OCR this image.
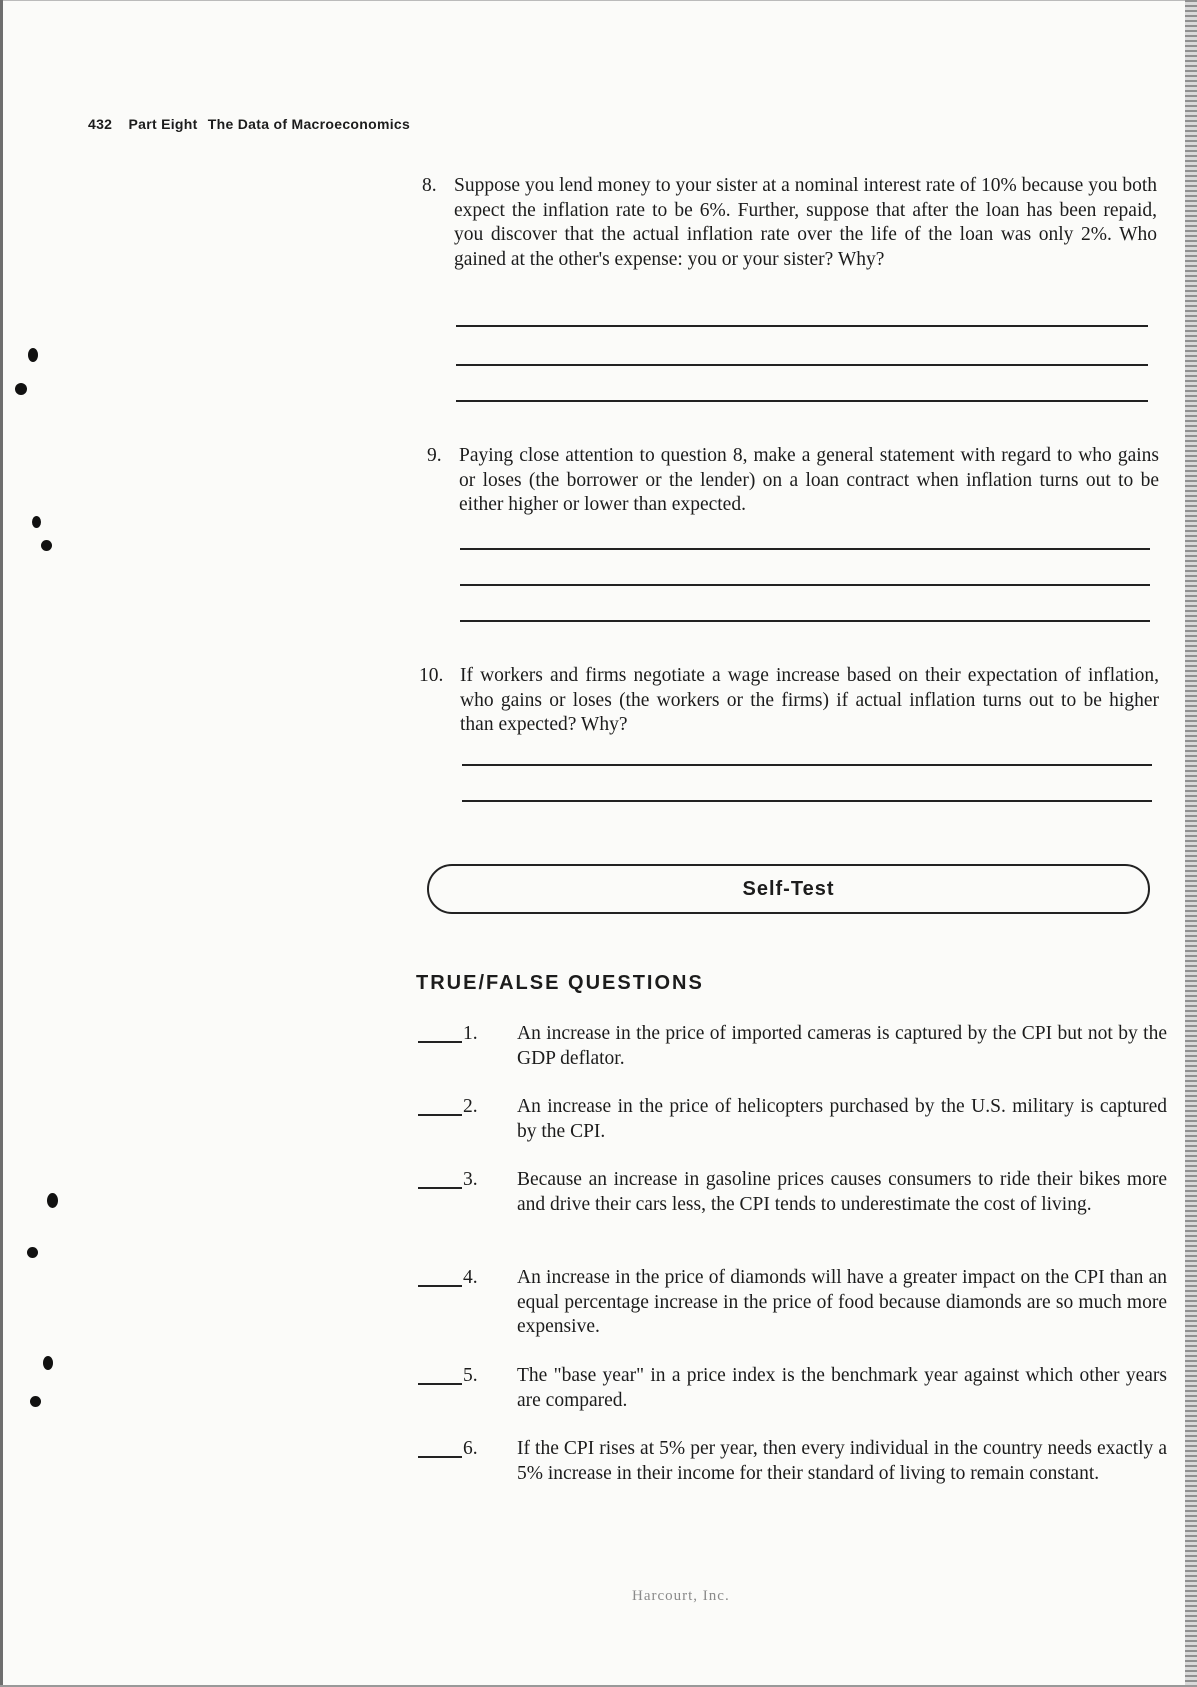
432 Part Eight The Data of Macroeconomics
8. Suppose you lend money to your sister at a nominal interest rate of 10% because you both expect the inflation rate to be 6%. Further, suppose that after the loan has been repaid, you discover that the actual inflation rate over the life of the loan was only 2%. Who gained at the other's expense: you or your sister? Why?
9. Paying close attention to question 8, make a general statement with regard to who gains or loses (the borrower or the lender) on a loan contract when inflation turns out to be either higher or lower than expected.
10. If workers and firms negotiate a wage increase based on their expectation of inflation, who gains or loses (the workers or the firms) if actual inflation turns out to be higher than expected? Why?
Self-Test
TRUE/FALSE QUESTIONS
1. An increase in the price of imported cameras is captured by the CPI but not by the GDP deflator.
2. An increase in the price of helicopters purchased by the U.S. military is captured by the CPI.
3. Because an increase in gasoline prices causes consumers to ride their bikes more and drive their cars less, the CPI tends to underestimate the cost of living.
4. An increase in the price of diamonds will have a greater impact on the CPI than an equal percentage increase in the price of food because diamonds are so much more expensive.
5. The "base year" in a price index is the benchmark year against which other years are compared.
6. If the CPI rises at 5% per year, then every individual in the country needs exactly a 5% increase in their income for their standard of living to remain constant.
Harcourt, Inc.
